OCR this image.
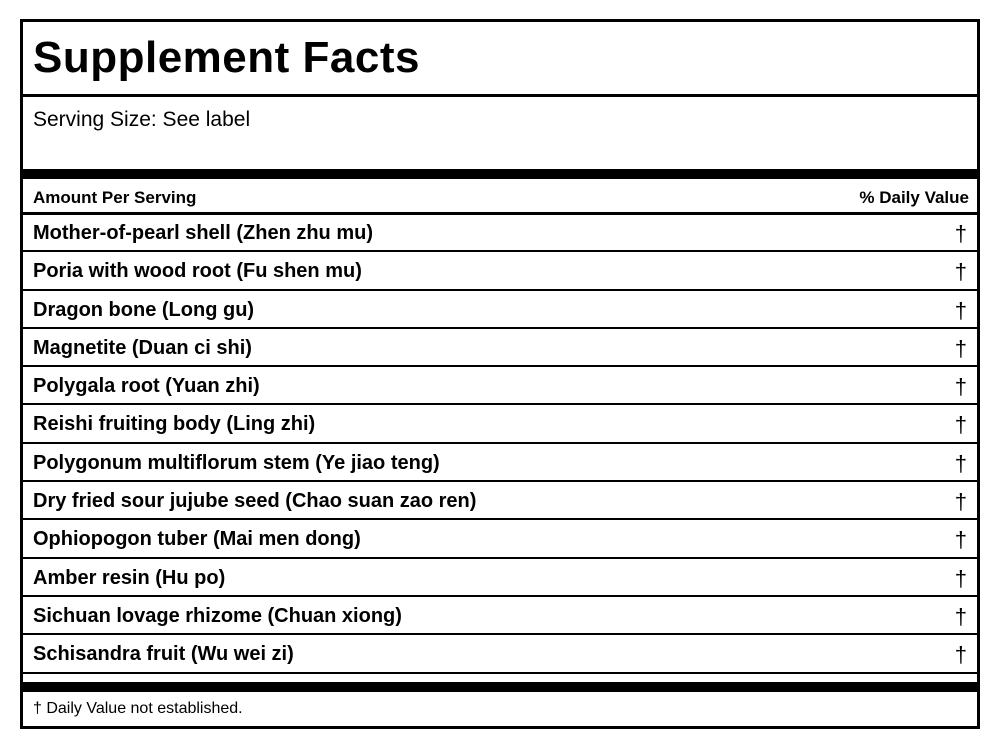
Supplement Facts
Serving Size: See label
Amount Per Serving	% Daily Value
Mother-of-pearl shell (Zhen zhu mu)	†
Poria with wood root (Fu shen mu)	†
Dragon bone (Long gu)	†
Magnetite (Duan ci shi)	†
Polygala root (Yuan zhi)	†
Reishi fruiting body (Ling zhi)	†
Polygonum multiflorum stem (Ye jiao teng)	†
Dry fried sour jujube seed (Chao suan zao ren)	†
Ophiopogon tuber (Mai men dong)	†
Amber resin (Hu po)	†
Sichuan lovage rhizome (Chuan xiong)	†
Schisandra fruit (Wu wei zi)	†
† Daily Value not established.
